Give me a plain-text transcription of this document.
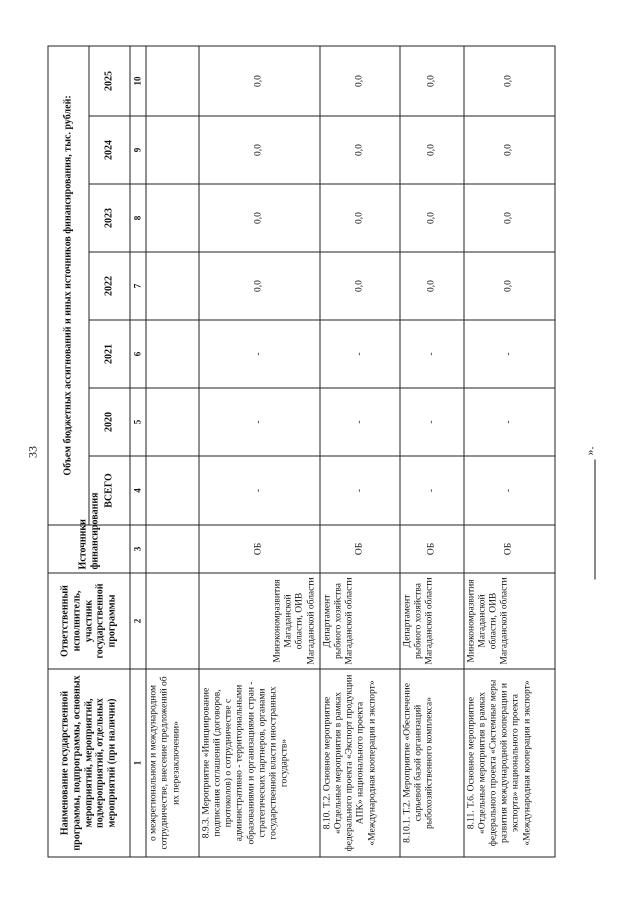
33
Наименование государственной программы, подпрограммы, основных мероприятий, мероприятий, подмероприятий, отдельных мероприятий (при наличии)	Ответственный исполнитель, участник государственной программы	Источники финансирования	Объем бюджетных ассигнований и иных источников финансирования, тыс. рублей:						
			ВСЕГО	2020	2021	2022	2023	2024	2025
1	2	3	4	5	6	7	8	9	10
о межрегиональном и международном сотрудничестве, внесение предложений об их перезаключении»									
8.9.3. Мероприятие «Инициирование подписания соглашений (договоров, протоколов) о сотрудничестве с административно - территориальными образованиями и организациями стран - стратегических партнеров, органами государственной власти иностранных государств»	Минэкономразвития Магаданской области, ОИВ Магаданской области	ОБ	-	-	-	0,0	0,0	0,0	0,0
8.10. Т.2. Основное мероприятие «Отдельные мероприятия в рамках федерального проекта «Экспорт продукции АПК» национального проекта «Международная кооперация и экспорт»	Департамент рыбного хозяйства Магаданской области	ОБ	-	-	-	0,0	0,0	0,0	0,0
8.10.1. Т.2. Мероприятие «Обеспечение сырьевой базой организаций рыбохозяйственного комплекса»	Департамент рыбного хозяйства Магаданской области	ОБ	-	-	-	0,0	0,0	0,0	0,0
8.11. Т.6. Основное мероприятие «Отдельные мероприятия в рамках федерального проекта «Системные меры развития международной кооперации и экспорта» национального проекта «Международная кооперация и экспорт»	Минэкономразвития Магаданской области, ОИВ Магаданской области	ОБ	-	-	-	0,0	0,0	0,0	0,0
».
